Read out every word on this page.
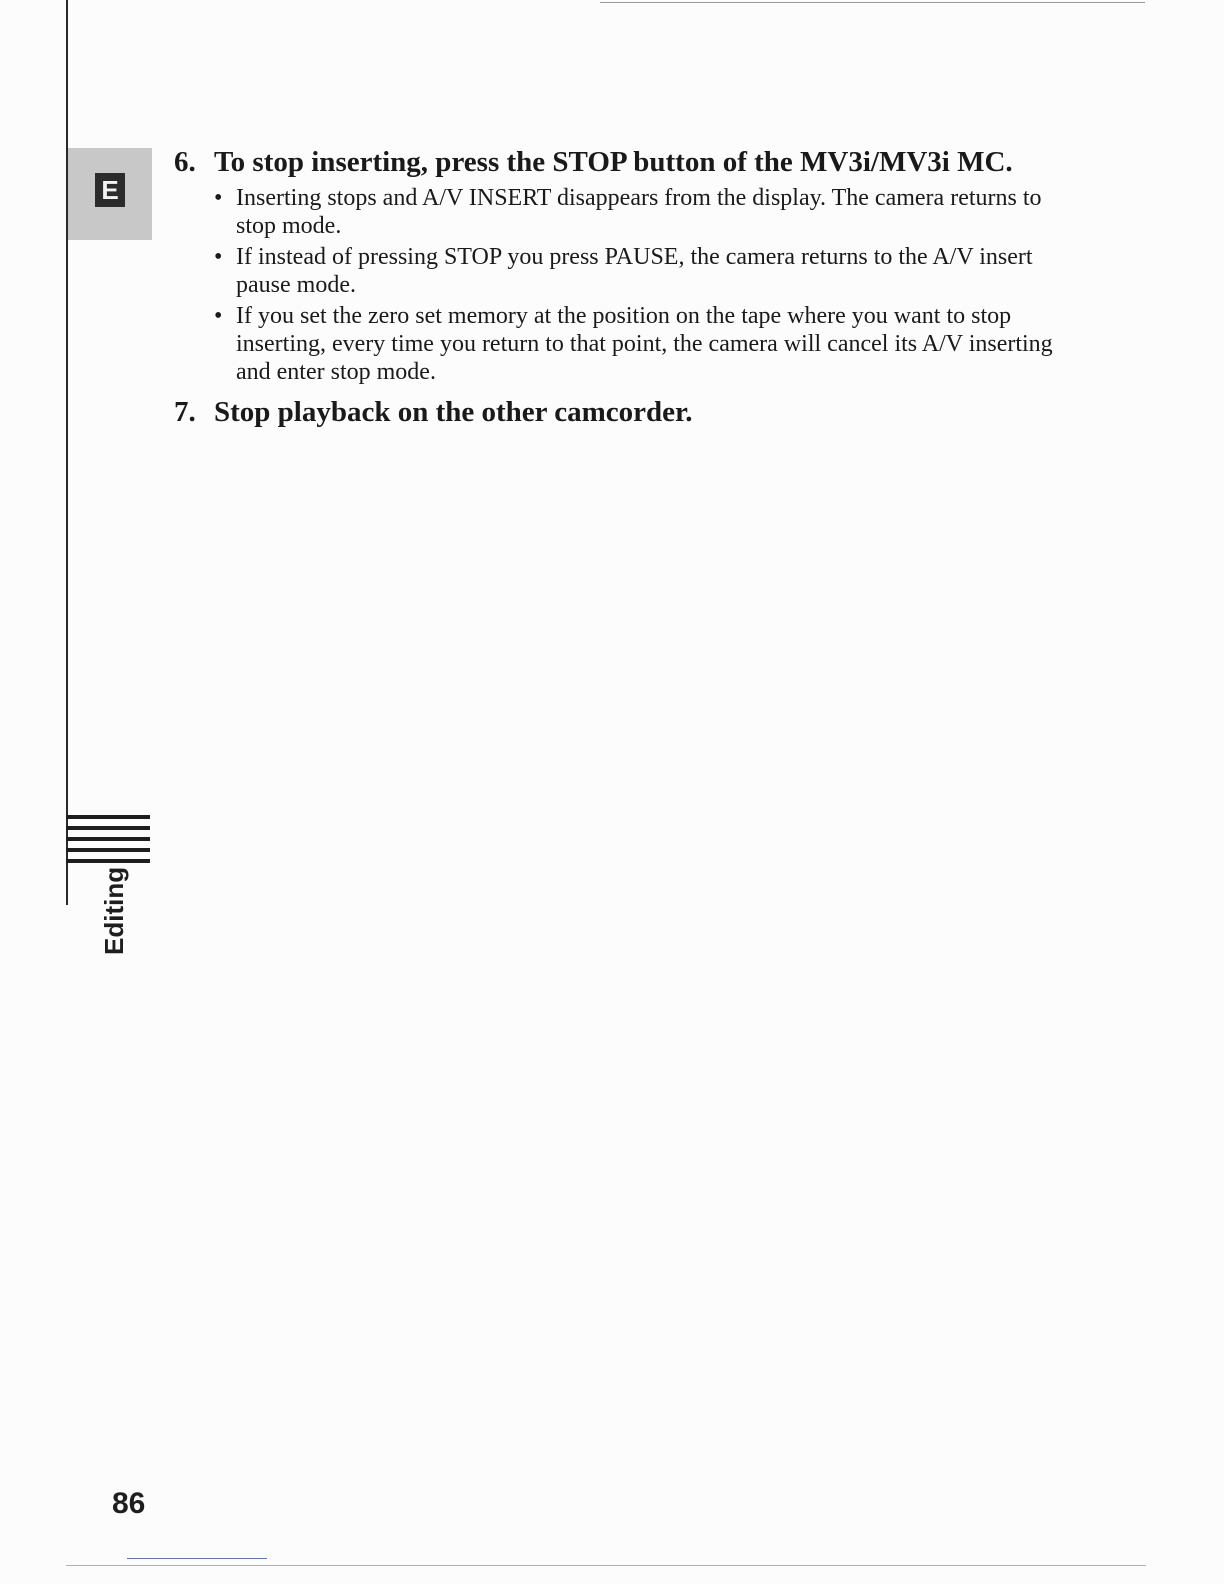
E
6. To stop inserting, press the STOP button of the MV3i/MV3i MC.
• Inserting stops and A/V INSERT disappears from the display. The camera returns to stop mode.
• If instead of pressing STOP you press PAUSE, the camera returns to the A/V insert pause mode.
• If you set the zero set memory at the position on the tape where you want to stop inserting, every time you return to that point, the camera will cancel its A/V inserting and enter stop mode.
7. Stop playback on the other camcorder.
Editing
86
